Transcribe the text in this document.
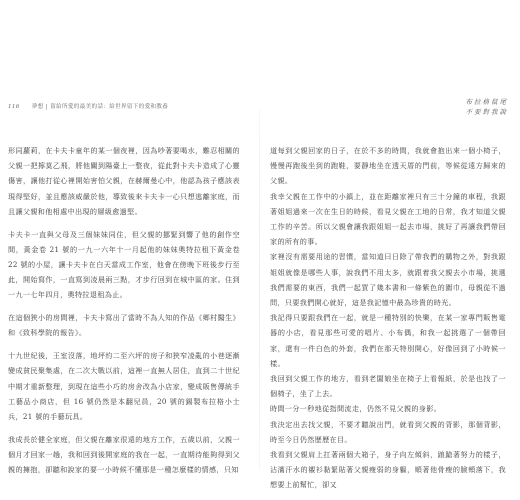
116 夢想 | 留給所愛的最美的話：給世界留下的愛和教養

形同蘿莉，在卡夫卡童年的某一個夜裡，因為吵著要喝水，難忍相關的父親一把擰莫乙飛，將他關到陽臺上一整夜，從此對卡夫卡造成了心靈傷害，讓他打從心裡開始害怕父親，在赫爾曼心中，他認為孩子應該表現得堅好，並且應該威嚴於他，導致後來卡夫卡一心只想逃離家庭，而且讓父親和他相處中出現的層級愈過堅。

卡夫卡一直與父母及三個妹妹同住，但父親的挪緊到響了他的創作空間，黃金卷 21 號的一九一六年十一月起他的妹妹奧特拉租下黃金卷 22 號的小屋，讓卡夫卡在白天當成工作室，他會在傍晚下班後步行至此，開始寫作，一直寫到凌晨兩三點，才步行回到在城中區的家。住到一九一七年四月，奧特拉退租為止。

在這個狹小的房間裡，卡夫卡寫出了當時不為人知的作品《鄉村醫生》和《致科學院的報告》。

十九世紀後，王室沒落，地坪約二至六坪的房子和狹窄凌亂的小巷逐漸變成貧民聚集處，在二次大戰以前，這裡一直無人居住，直到二十世紀中期才重新整理，到現在這些小巧的房舍改為小店家，變成販售傳統手工藝品小商店，但 16 號仍然是本翻兒員，20 號的錫製布拉格小士兵，21 號的手藝玩具。

我成長於健全家庭，但父親在離家很遠的地方工作，五歲以前，父親一個月才回家一趟，我和回到後開家庭的我在一起，一直期待能夠得到父親的擁抱，卻聽和說家的要一小時候不懂那是一種怎麼樣的情感，只知

布拉格鼠尾
不要對我說

道每到父親回家的日子，在於不多的時間，我就會抱出來一個小椅子，慢慢再跑後坐到的跑鞋，要靜地坐在透天厝的門前，等候從遠方歸來的父親。

我幸父親在工作中的小鎮上，並在距離家裡只有三十分鐘的車程，我跟著姐姐過來一次在生日的時候，看見父親在工地的日常，我才知道父親工作的辛苦。所以父親會讓我跟姐姐一起去市場，挑好了再讓我們帶回家的所有的事。

家裡沒有需要用途的習慣，當知道曰日除了帶我們的購物之外，對我跟姐姐就像是哪些人事，說我們不用太多，就跟着我父親去小市場，挑選我們需要的東西，我們一起買了幾本書和一條紫色的圍巾，母親從不過問，只要我們開心就好，這是我記憶中最為珍貴的時光。

我記得只要跟我們在一起，就是一種特別的快樂，在某一家專門販售電器的小店，看見那些可愛的唱片、小布偶，和我一起挑選了一個帶回家，還有一件白色的外套，我們在那天特別開心，好像回到了小時候一樣。

我回到父親工作的地方，看到老闆娘坐在椅子上看報紙，於是也找了一個椅子，坐了上去。

時間一分一秒地從指間流走，仍然不見父親的身影。

我決定出去找父親，不要才聽說出門，就看到父親的背影，那個背影，時至今日仍然歷歷在目。

我看到父親肩上扛著兩個大箱子，身子向左傾斜，踉蹌著努力的樣子，沾滿汗水的襯衫黏緊貼著父親瘦弱的身軀，順著他骨瘦的臉頰落下，我想要上前幫忙，卻又
